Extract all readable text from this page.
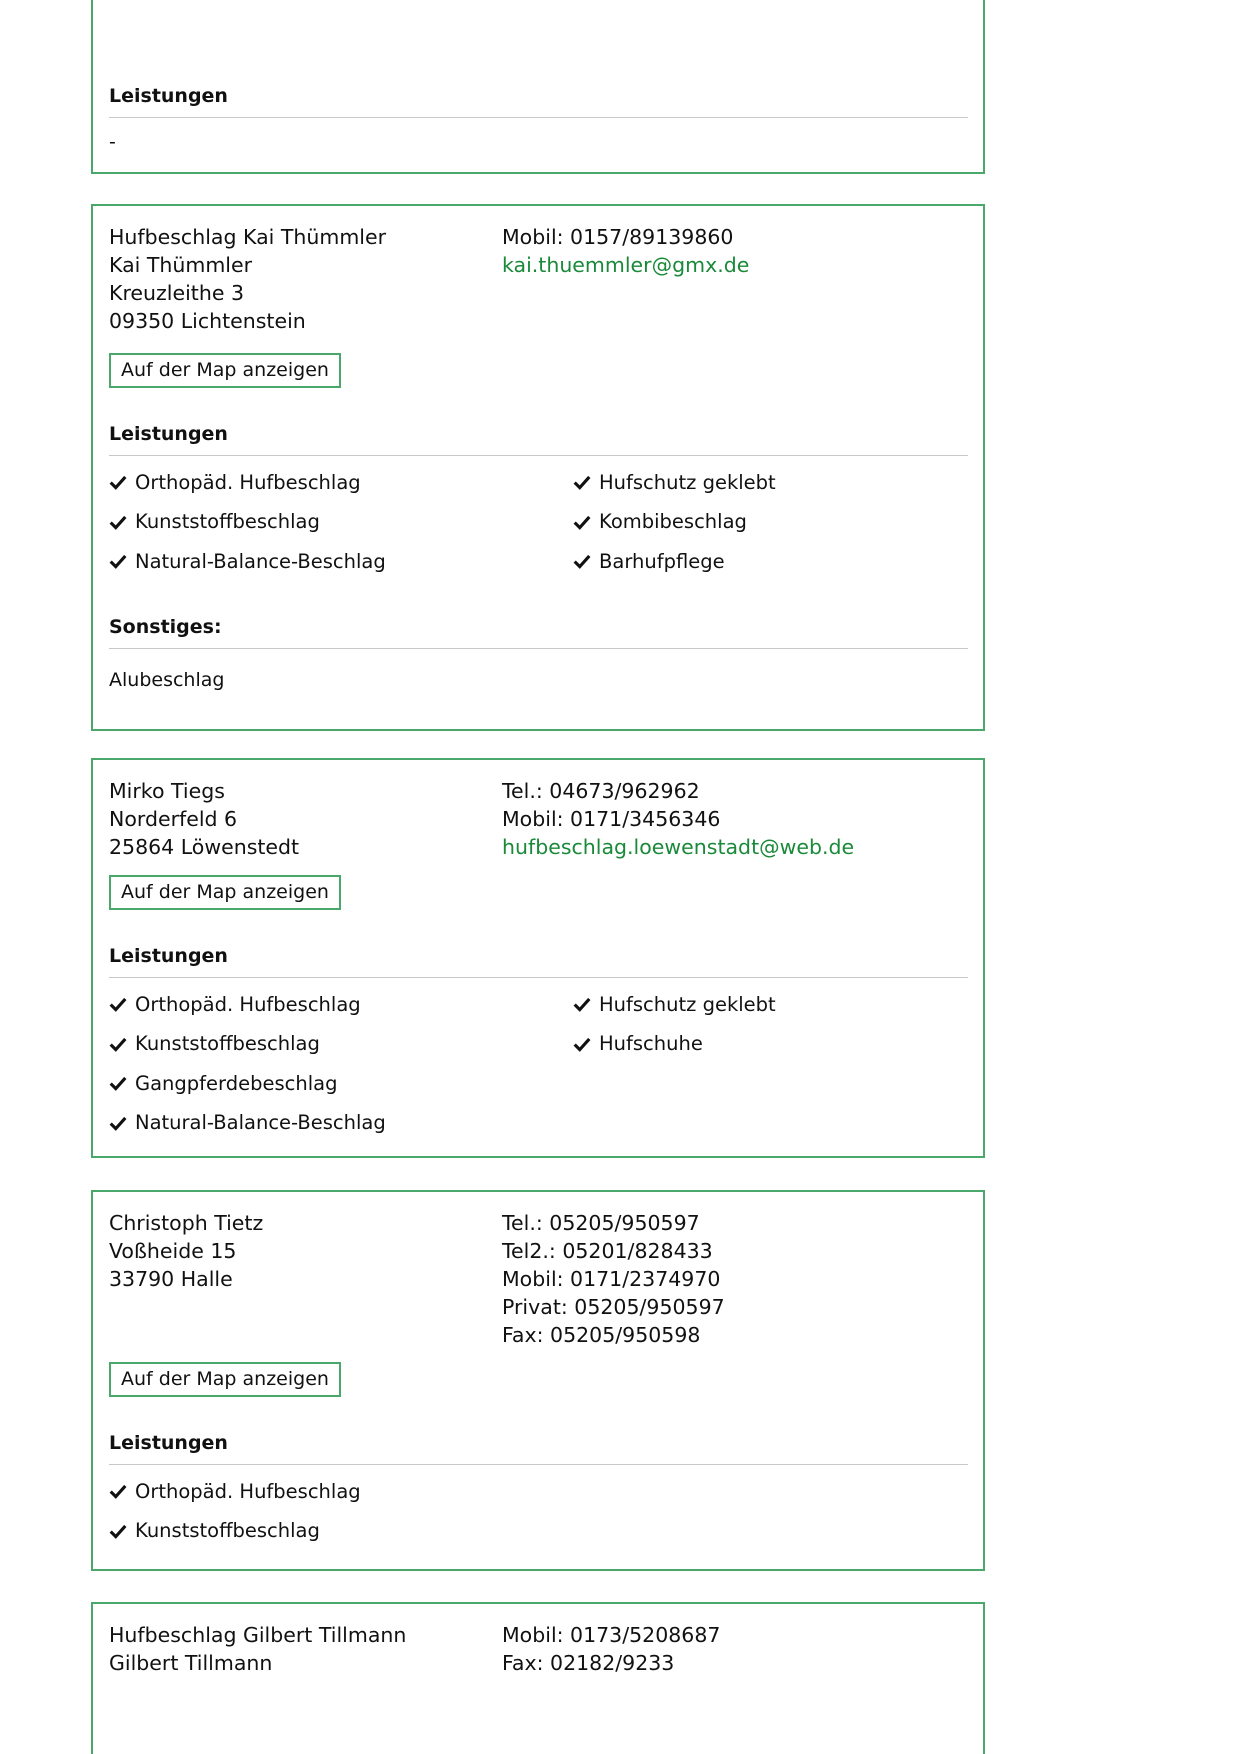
Leistungen
-
Hufbeschlag Kai Thümmler
Kai Thümmler
Kreuzleithe 3
09350 Lichtenstein
Mobil: 0157/89139860
kai.thuemmler@gmx.de
Auf der Map anzeigen
Leistungen
Orthopäd. Hufbeschlag
Kunststoffbeschlag
Natural-Balance-Beschlag
Hufschutz geklebt
Kombibeschlag
Barhufpflege
Sonstiges:
Alubeschlag
Mirko Tiegs
Norderfeld 6
25864 Löwenstedt
Tel.: 04673/962962
Mobil: 0171/3456346
hufbeschlag.loewenstadt@web.de
Auf der Map anzeigen
Leistungen
Orthopäd. Hufbeschlag
Kunststoffbeschlag
Gangpferdebeschlag
Natural-Balance-Beschlag
Hufschutz geklebt
Hufschuhe
Christoph Tietz
Voßheide 15
33790 Halle
Tel.: 05205/950597
Tel2.: 05201/828433
Mobil: 0171/2374970
Privat: 05205/950597
Fax: 05205/950598
Auf der Map anzeigen
Leistungen
Orthopäd. Hufbeschlag
Kunststoffbeschlag
Hufbeschlag Gilbert Tillmann
Gilbert Tillmann
Mobil: 0173/5208687
Fax: 02182/9233
